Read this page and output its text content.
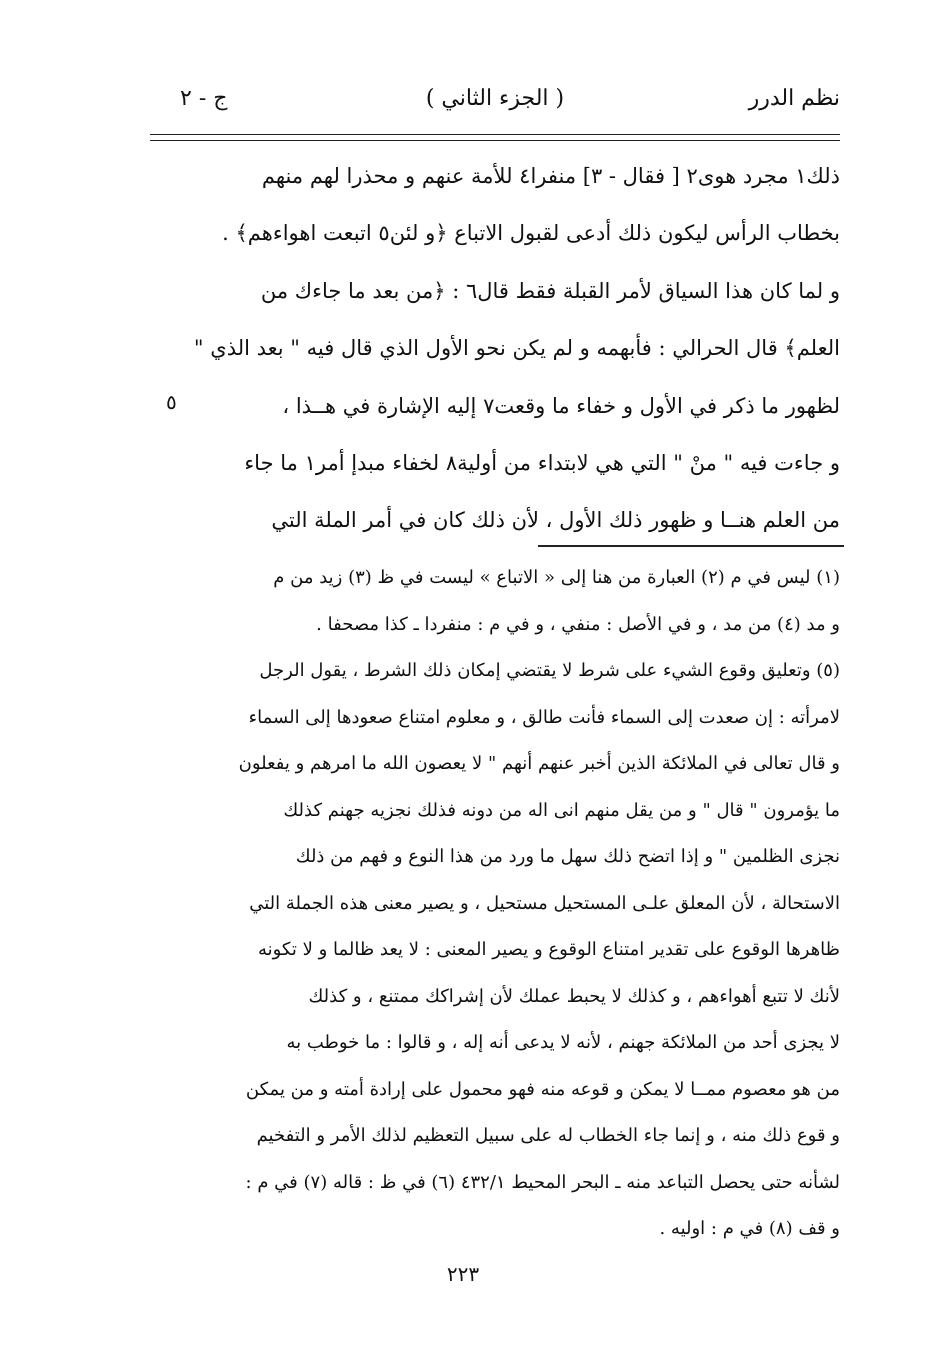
نظم الدرر
( الجزء الثاني )
ج - ٢
ذلك١ مجرد هوى٢ [ فقال - ٣] منفرا٤ للأمة عنهم و محذرا لهم منهم
بخطاب الرأس ليكون ذلك أدعى لقبول الاتباع ﴿و لئن٥ اتبعت اهواءهم﴾ .
و لما كان هذا السياق لأمر القبلة فقط قال٦ : ﴿من بعد ما جاءك من
العلم﴾ قال الحرالي : فأبهمه و لم يكن نحو الأول الذي قال فيه " بعد الذي "
لظهور ما ذكر في الأول و خفاء ما وقعت٧ إليه الإشارة في هــذا ،
و جاءت فيه " منْ " التي هي لابتداء من أولية٨ لخفاء مبدإ أمر١ ما جاء
من العلم هنــا و ظهور ذلك الأول ، لأن ذلك كان في أمر الملة التي
٥
(١) ليس في م (٢) العبارة من هنا إلى « الاتباع » ليست في ظ (٣) زيد من م
و مد (٤) من مد ، و في الأصل : منفي ، و في م : منفردا ـ كذا مصحفا .
(٥) وتعليق وقوع الشيء على شرط لا يقتضي إمكان ذلك الشرط ، يقول الرجل
لامرأته : إن صعدت إلى السماء فأنت طالق ، و معلوم امتناع صعودها إلى السماء
و قال تعالى في الملائكة الذين أخبر عنهم أنهم " لا يعصون الله ما امرهم و يفعلون
ما يؤمرون " قال " و من يقل منهم انى اله من دونه فذلك نجزيه جهنم كذلك
نجزى الظلمين " و إذا اتضح ذلك سهل ما ورد من هذا النوع و فهم من ذلك
الاستحالة ، لأن المعلق علـى المستحيل مستحيل ، و يصير معنى هذه الجملة التي
ظاهرها الوقوع على تقدير امتناع الوقوع و يصير المعنى : لا يعد ظالما و لا تكونه
لأنك لا تتبع أهواءهم ، و كذلك لا يحبط عملك لأن إشراكك ممتنع ، و كذلك
لا يجزى أحد من الملائكة جهنم ، لأنه لا يدعى أنه إله ، و قالوا : ما خوطب به
من هو معصوم ممــا لا يمكن و قوعه منه فهو محمول على إرادة أمته و من يمكن
و قوع ذلك منه ، و إنما جاء الخطاب له على سبيل التعظيم لذلك الأمر و التفخيم
لشأنه حتى يحصل التباعد منه ـ البحر المحيط ٤٣٢/١ (٦) في ظ : قاله (٧) في م :
و قف (٨) في م : اوليه .
٢٢٣
